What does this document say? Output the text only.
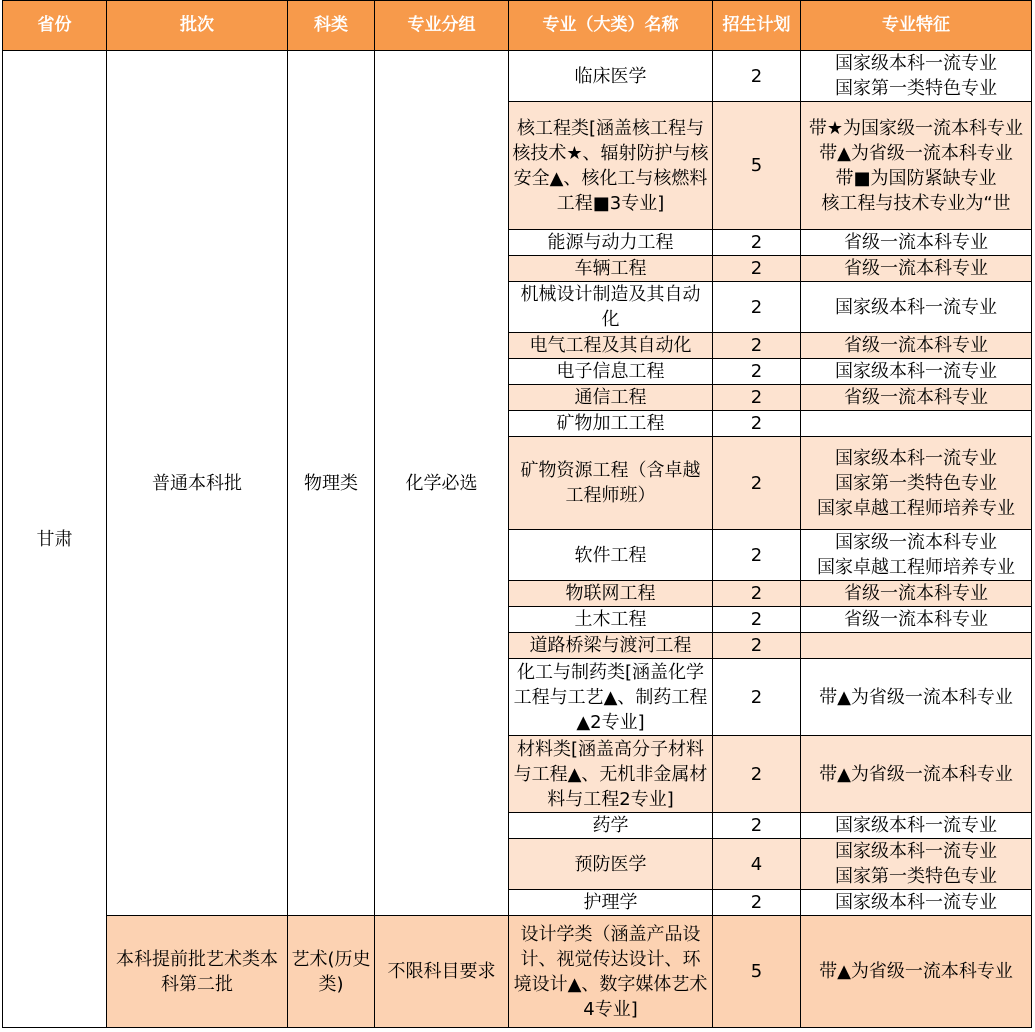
省份	批次	科类	专业分组	专业（大类）名称	招生计划	专业特征
甘肃	普通本科批	物理类	化学必选	临床医学	2	国家级本科一流专业
国家第一类特色专业

				核工程类[涵盖核工程与核技术★、辐射防护与核安全▲、核化工与核燃料工程■3专业]	5	带★为国家级一流本科专业
带▲为省级一流本科专业
带■为国防紧缺专业
核工程与技术专业为“世

				能源与动力工程	2	省级一流本科专业

				车辆工程	2	省级一流本科专业

				机械设计制造及其自动化	2	国家级本科一流专业

				电气工程及其自动化	2	省级一流本科专业

				电子信息工程	2	国家级本科一流专业

				通信工程	2	省级一流本科专业

				矿物加工工程	2	
				矿物资源工程（含卓越工程师班）	2	国家级本科一流专业
国家第一类特色专业
国家卓越工程师培养专业

				软件工程	2	国家级一流本科专业
国家卓越工程师培养专业

				物联网工程	2	省级一流本科专业

				土木工程	2	省级一流本科专业

				道路桥梁与渡河工程	2	
				化工与制药类[涵盖化学工程与工艺▲、制药工程▲2专业]	2	带▲为省级一流本科专业

				材料类[涵盖高分子材料与工程▲、无机非金属材料与工程2专业]	2	带▲为省级一流本科专业

				药学	2	国家级本科一流专业

				预防医学	4	国家级本科一流专业
国家第一类特色专业

				护理学	2	国家级本科一流专业

	本科提前批艺术类本科第二批	艺术(历史类)	不限科目要求	设计学类（涵盖产品设计、视觉传达设计、环境设计▲、数字媒体艺术4专业]	5	带▲为省级一流本科专业
